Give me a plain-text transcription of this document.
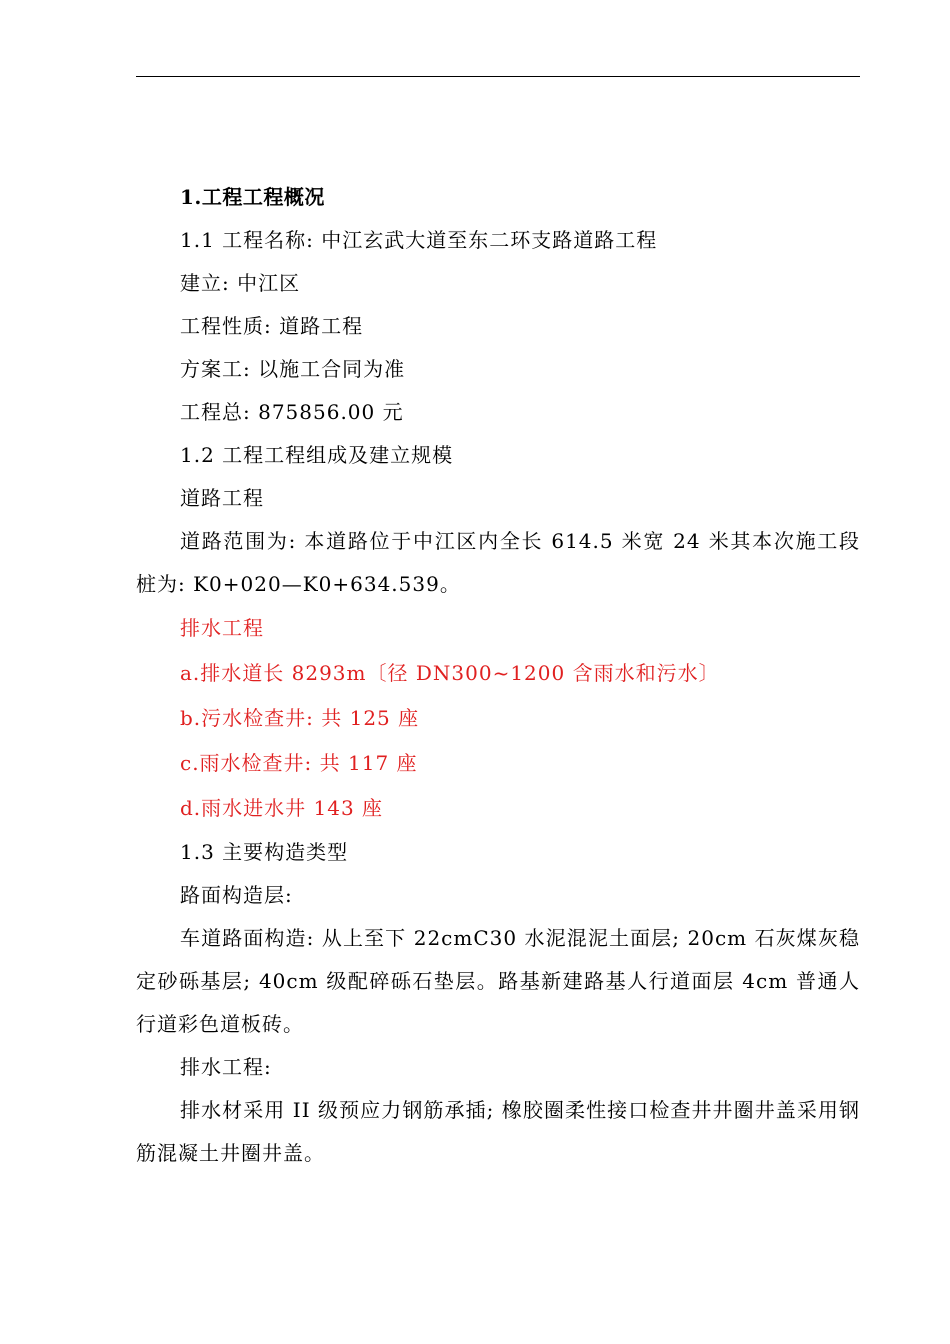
1.工程工程概况

1.1 工程名称: 中江玄武大道至东二环支路道路工程

建立: 中江区

工程性质: 道路工程

方案工: 以施工合同为准

工程总: 875856.00 元

1.2 工程工程组成及建立规模

道路工程

道路范围为: 本道路位于中江区内全长 614.5 米宽 24 米其本次施工段桩为: K0+020—K0+634.539。

排水工程

a.排水道长 8293m〔径 DN300~1200 含雨水和污水〕

b.污水检查井: 共 125 座

c.雨水检查井: 共 117 座

d.雨水进水井 143 座

1.3 主要构造类型

路面构造层:

车道路面构造: 从上至下 22cmC30 水泥混泥土面层; 20cm 石灰煤灰稳定砂砾基层; 40cm 级配碎砾石垫层。路基新建路基人行道面层 4cm 普通人行道彩色道板砖。

排水工程:

排水材采用 II 级预应力钢筋承插; 橡胶圈柔性接口检查井井圈井盖采用钢筋混凝土井圈井盖。
